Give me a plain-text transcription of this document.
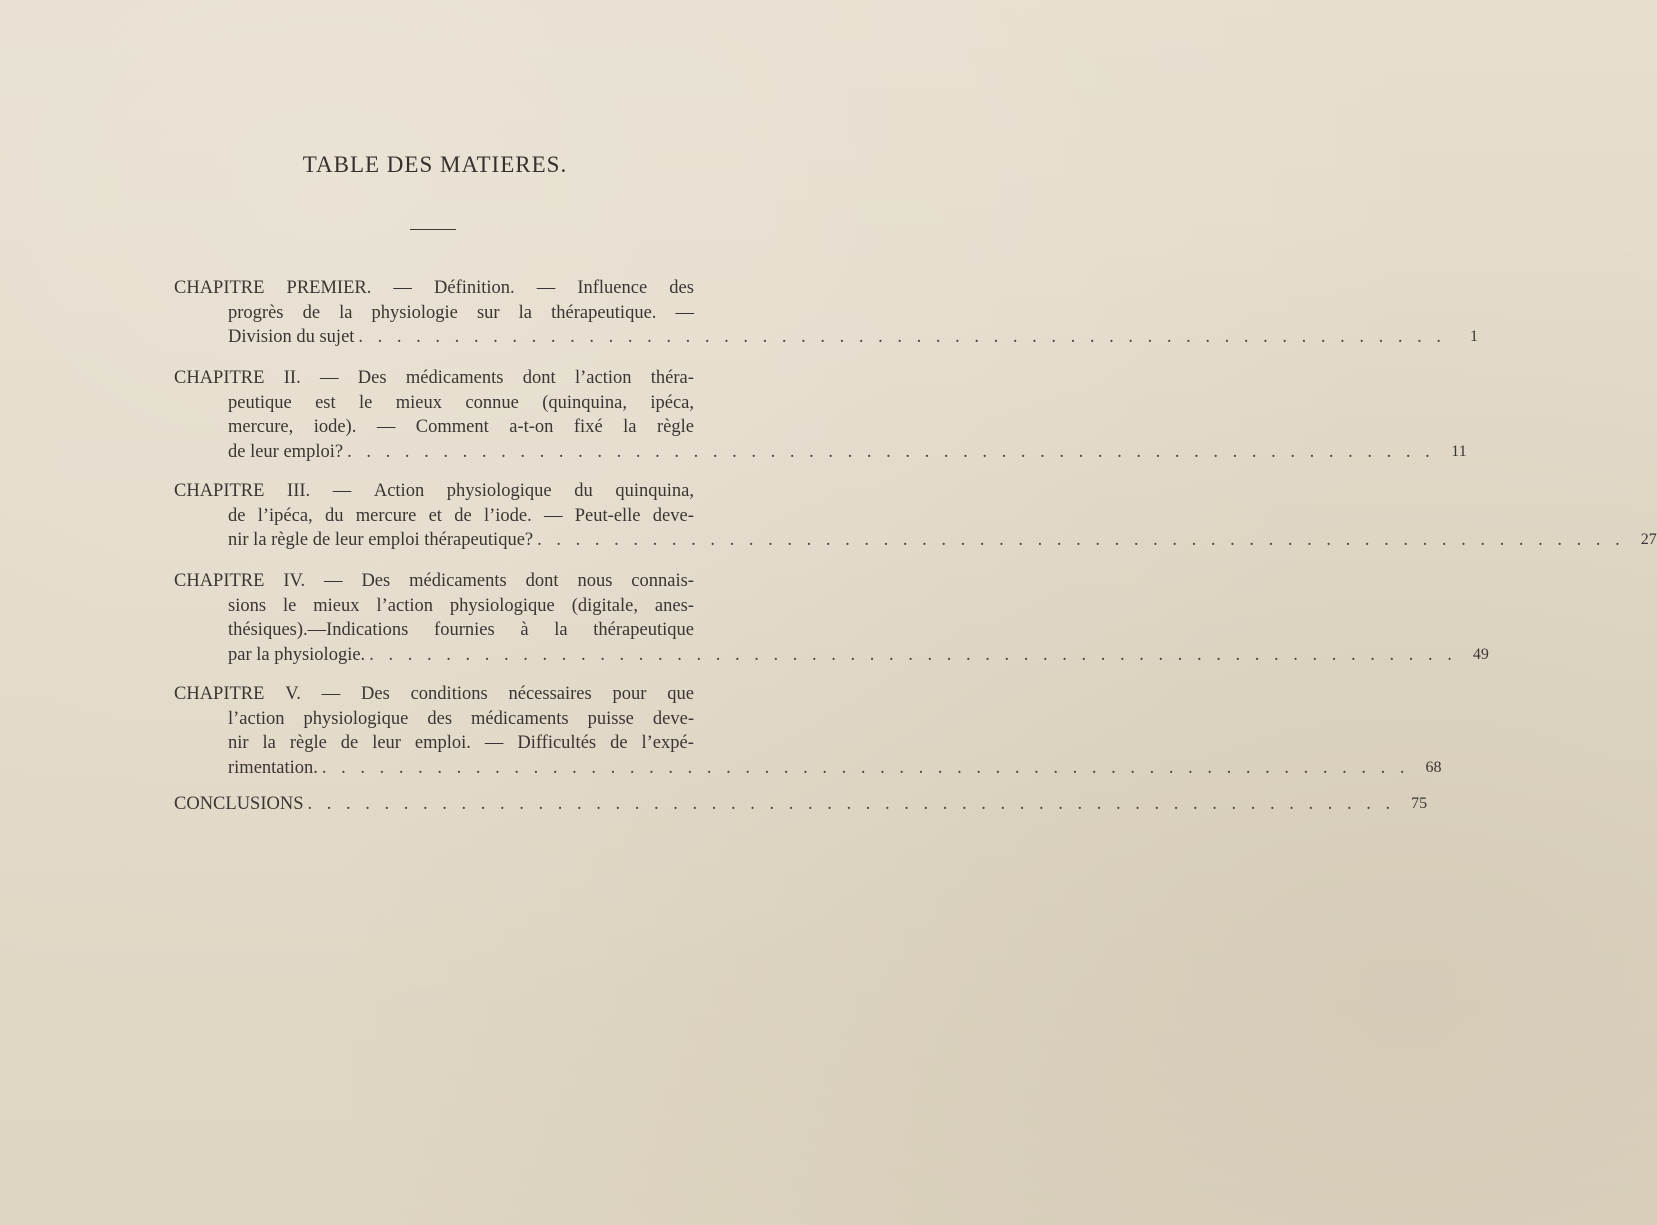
TABLE DES MATIERES.
CHAPITRE PREMIER. — Définition. — Influence des
progrès de la physiologie sur la thérapeutique. —
Division du sujet . . . . . . . . . . . . . . . . . . . . . . . . . . . . . . . . . . . . . . . . . . . . . . . . . . . . . . . . .	1
CHAPITRE II. — Des médicaments dont l’action théra-
peutique est le mieux connue (quinquina, ipéca,
mercure, iode). — Comment a-t-on fixé la règle
de leur emploi? . . . . . . . . . . . . . . . . . . . . . . . . . . . . . . . . . . . . . . . . . . . . . . . . . . . . . . . . .	11
CHAPITRE III. — Action physiologique du quinquina,
de l’ipéca, du mercure et de l’iode. — Peut-elle deve-
nir la règle de leur emploi thérapeutique? . . . . . . . . . . . . . . . . . . . . . . . . . . . . . . . . . . . . . . . . . . . . . . . . . . . . . . . . .	27
CHAPITRE IV. — Des médicaments dont nous connais-
sions le mieux l’action physiologique (digitale, anes-
thésiques).—Indications fournies à la thérapeutique
par la physiologie. . . . . . . . . . . . . . . . . . . . . . . . . . . . . . . . . . . . . . . . . . . . . . . . . . . . . . . . . .	49
CHAPITRE V. — Des conditions nécessaires pour que
l’action physiologique des médicaments puisse deve-
nir la règle de leur emploi. — Difficultés de l’expé-
rimentation. . . . . . . . . . . . . . . . . . . . . . . . . . . . . . . . . . . . . . . . . . . . . . . . . . . . . . . . . .	68
CONCLUSIONS . . . . . . . . . . . . . . . . . . . . . . . . . . . . . . . . . . . . . . . . . . . . . . . . . . . . . . . . .	75
